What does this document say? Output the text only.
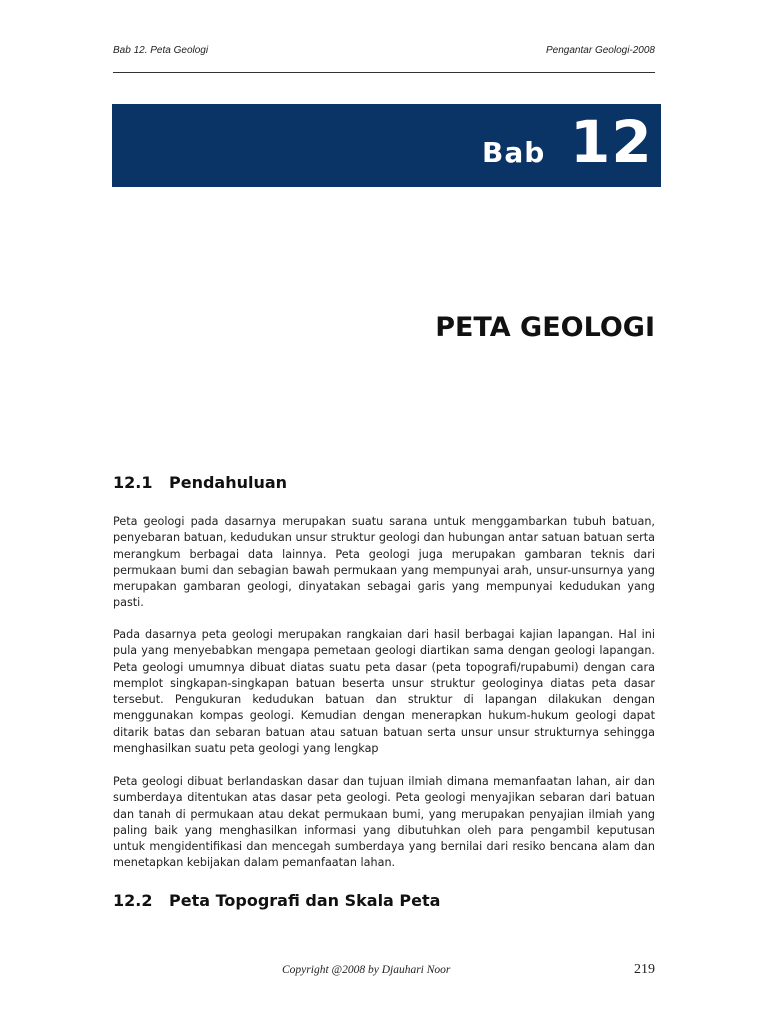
Bab 12. Peta Geologi	Pengantar Geologi-2008
Bab 12
PETA GEOLOGI
12.1 Pendahuluan

Peta geologi pada dasarnya merupakan suatu sarana untuk menggambarkan tubuh batuan, penyebaran batuan, kedudukan unsur struktur geologi dan hubungan antar satuan batuan serta merangkum berbagai data lainnya. Peta geologi juga merupakan gambaran teknis dari permukaan bumi dan sebagian bawah permukaan yang mempunyai arah, unsur-unsurnya yang merupakan gambaran geologi, dinyatakan sebagai garis yang mempunyai kedudukan yang pasti.

Pada dasarnya peta geologi merupakan rangkaian dari hasil berbagai kajian lapangan. Hal ini pula yang menyebabkan mengapa pemetaan geologi diartikan sama dengan geologi lapangan. Peta geologi umumnya dibuat diatas suatu peta dasar (peta topografi/rupabumi) dengan cara memplot singkapan-singkapan batuan beserta unsur struktur geologinya diatas peta dasar tersebut. Pengukuran kedudukan batuan dan struktur di lapangan dilakukan dengan menggunakan kompas geologi. Kemudian dengan menerapkan hukum-hukum geologi dapat ditarik batas dan sebaran batuan atau satuan batuan serta unsur unsur strukturnya sehingga menghasilkan suatu peta geologi yang lengkap

Peta geologi dibuat berlandaskan dasar dan tujuan ilmiah dimana memanfaatan lahan, air dan sumberdaya ditentukan atas dasar peta geologi. Peta geologi menyajikan sebaran dari batuan dan tanah di permukaan atau dekat permukaan bumi, yang merupakan penyajian ilmiah yang paling baik yang menghasilkan informasi yang dibutuhkan oleh para pengambil keputusan untuk mengidentifikasi dan mencegah sumberdaya yang bernilai dari resiko bencana alam dan menetapkan kebijakan dalam pemanfaatan lahan.

12.2 Peta Topografi dan Skala Peta
Copyright @2008 by Djauhari Noor	219
